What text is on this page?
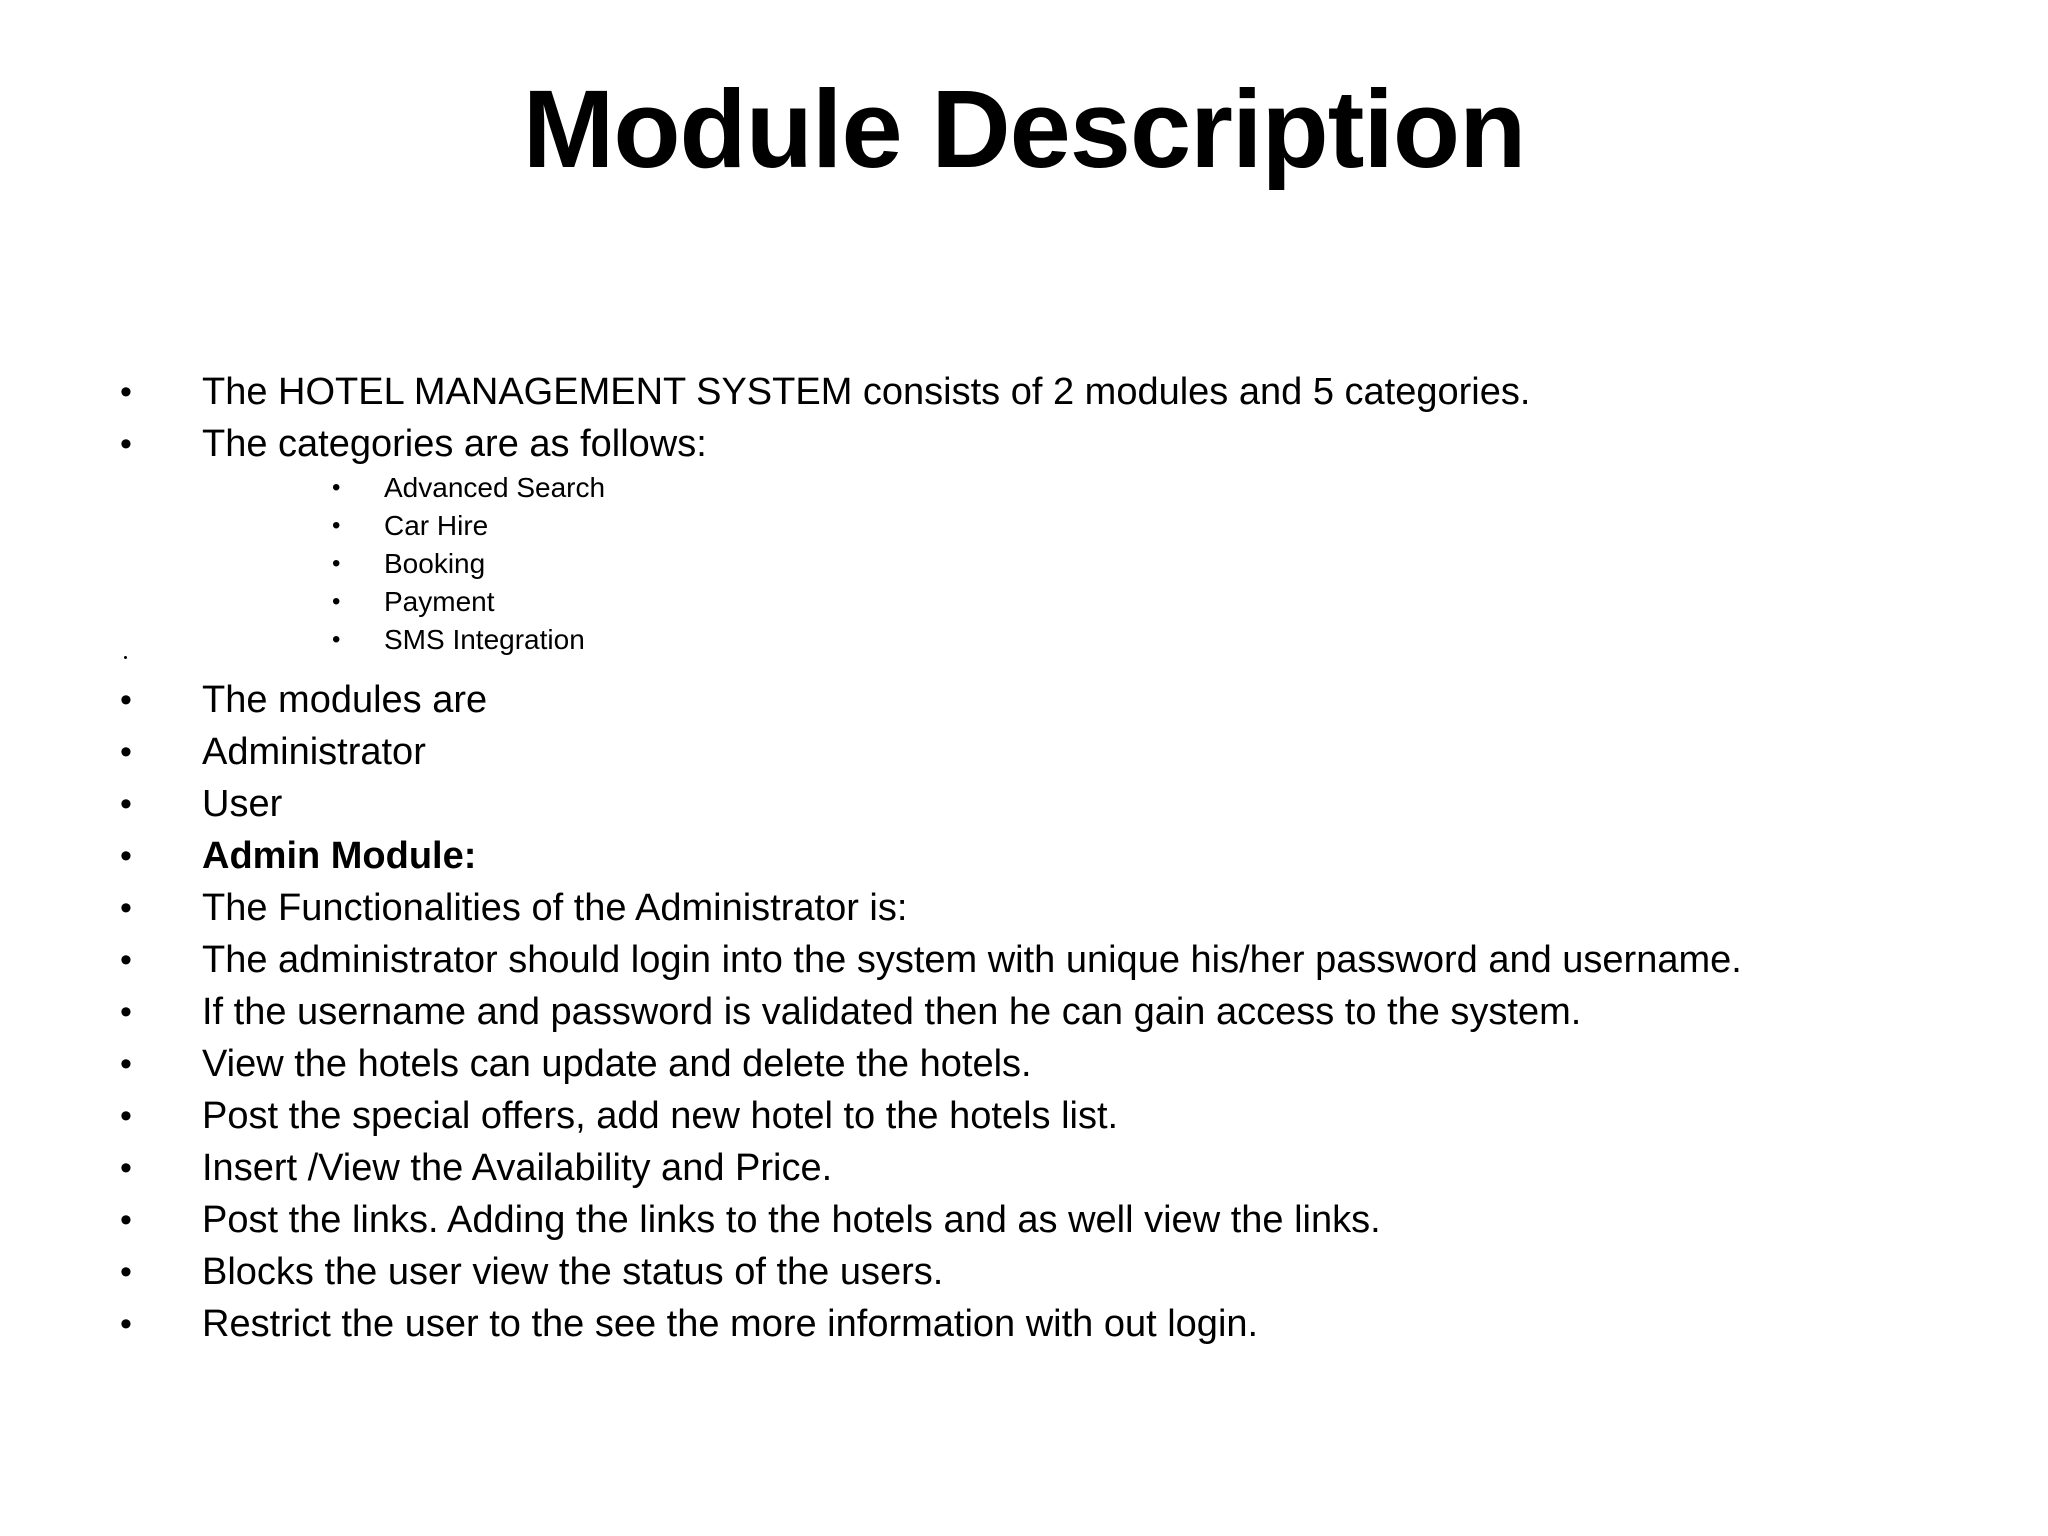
Module Description
• The HOTEL MANAGEMENT SYSTEM consists of 2 modules and 5 categories.
• The categories are as follows:
• Advanced Search
• Car Hire
• Booking
• Payment
• SMS Integration
• The modules are
• Administrator
• User
• Admin Module:
• The Functionalities of the Administrator is:
• The administrator should login into the system with unique his/her password and username.
• If the username and password is validated then he can gain access to the system.
• View the hotels can update and delete the hotels.
• Post the special offers, add new hotel to the hotels list.
• Insert /View the Availability and Price.
• Post the links. Adding the links to the hotels and as well view the links.
• Blocks the user view the status of the users.
• Restrict the user to the see the more information with out login.
